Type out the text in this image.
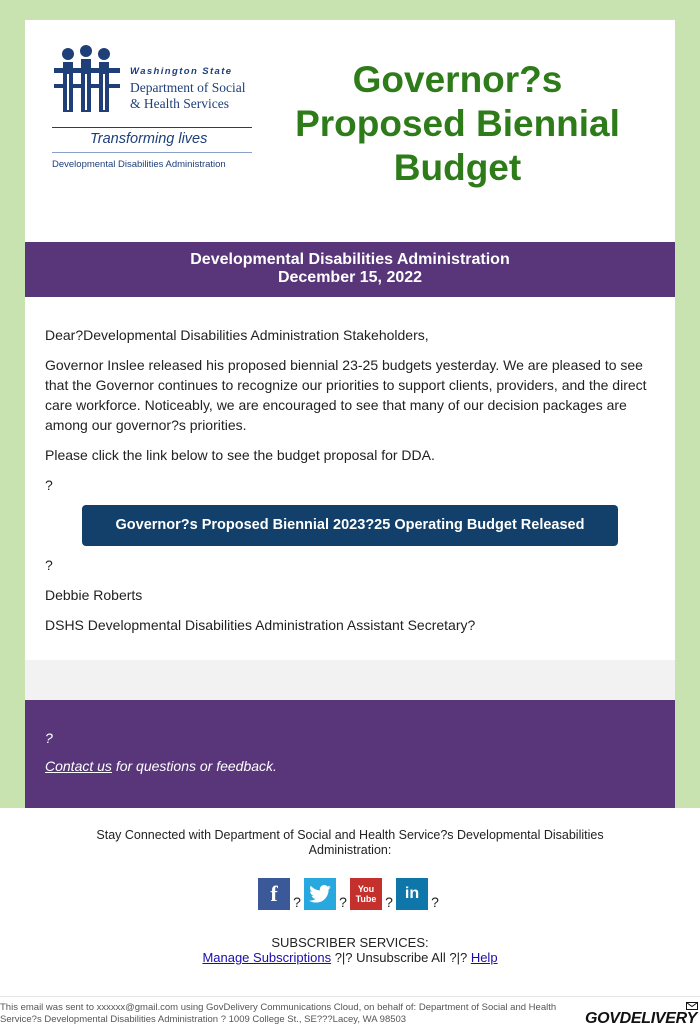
Washington State
Department of Social
& Health Services
Transforming lives
Developmental Disabilities Administration
Governor?s Proposed Biennial Budget
Developmental Disabilities Administration
December 15, 2022

Dear?Developmental Disabilities Administration Stakeholders,

Governor Inslee released his proposed biennial 23-25 budgets yesterday. We are pleased to see that the Governor continues to recognize our priorities to support clients, providers, and the direct care workforce. Noticeably, we are encouraged to see that many of our decision packages are among our governor?s priorities.

Please click the link below to see the budget proposal for DDA.

?

Governor?s Proposed Biennial 2023?25 Operating Budget Released

?

Debbie Roberts

DSHS Developmental Disabilities Administration Assistant Secretary?

?
Contact us for questions or feedback.
Stay Connected with Department of Social and Health Service?s Developmental Disabilities Administration:
f ?	?You Tube ? in ?
SUBSCRIBER SERVICES:
Manage Subscriptions ?|? Unsubscribe All ?|? Help
This email was sent to xxxxxx@gmail.com using GovDelivery Communications Cloud, on behalf of: Department of Social and Health Service?s Developmental Disabilities Administration ? 1009 College St., SE???Lacey, WA 98503	GOVDELIVERY
